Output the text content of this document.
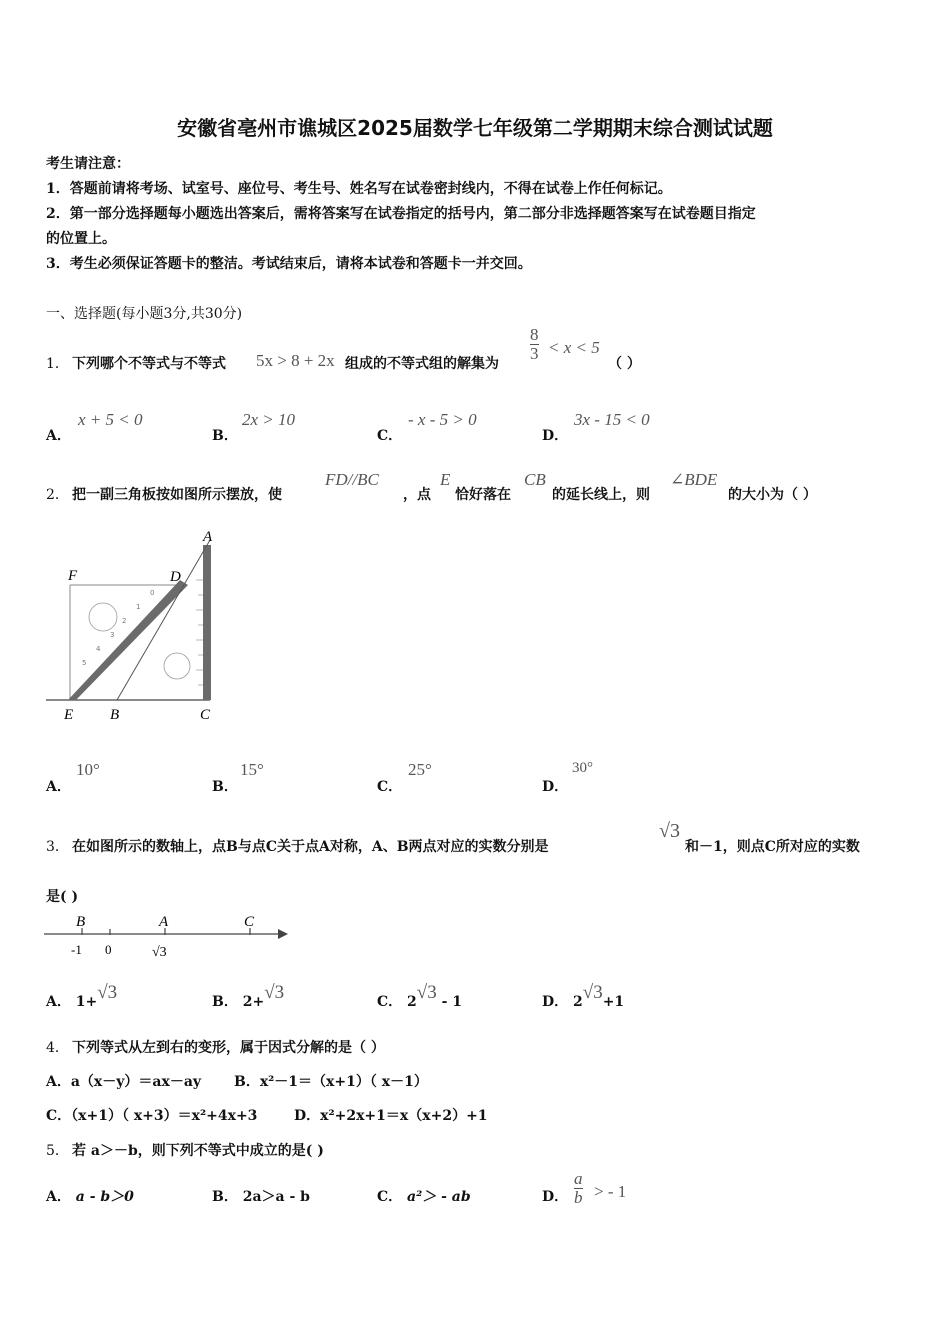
安徽省亳州市谯城区2025届数学七年级第二学期期末综合测试试题
考生请注意：
1．答题前请将考场、试室号、座位号、考生号、姓名写在试卷密封线内，不得在试卷上作任何标记。
2．第一部分选择题每小题选出答案后，需将答案写在试卷指定的括号内，第二部分非选择题答案写在试卷题目指定
的位置上。
3．考生必须保证答题卡的整洁。考试结束后，请将本试卷和答题卡一并交回。
一、选择题(每小题3分,共30分)
1． 下列哪个不等式与不等式 5x > 8 + 2x 组成的不等式组的解集为
$\frac{8}{3} < x < 5$
（ ）
A．
x + 5 < 0
B．
2x > 10
C．
- x - 5 > 0
D．
3x - 15 < 0
2． 把一副三角板按如图所示摆放，使
FD//BC
，点
E
恰好落在
CB
的延长线上，则
∠BDE
的大小为（ ）
0
1
2
3
4
5
A
F	D
E B	C
A．
10°
B．
15°
C．
25°
D．
30°
3． 在如图所示的数轴上，点B与点C关于点A对称，A、B两点对应的实数分别是
√3
和－1，则点C所对应的实数
是( )
B	A	C
-1 0	√3
A． 1+√3	B． 2+√3	C． 2√3 - 1	D． 2√3+1
4． 下列等式从左到右的变形，属于因式分解的是（ ）
A．a（x－y）＝ax－ay B．x²－1＝（x+1）（ x－1）
C．（x+1）（ x+3）＝x²+4x+3	D．x²+2x+1＝x（x+2）+1
5． 若 a＞－b，则下列不等式中成立的是( )
A． a - b＞0	B． 2a＞a - b	C． a²＞ - ab	D． $\frac{a}{b}$ > - 1
